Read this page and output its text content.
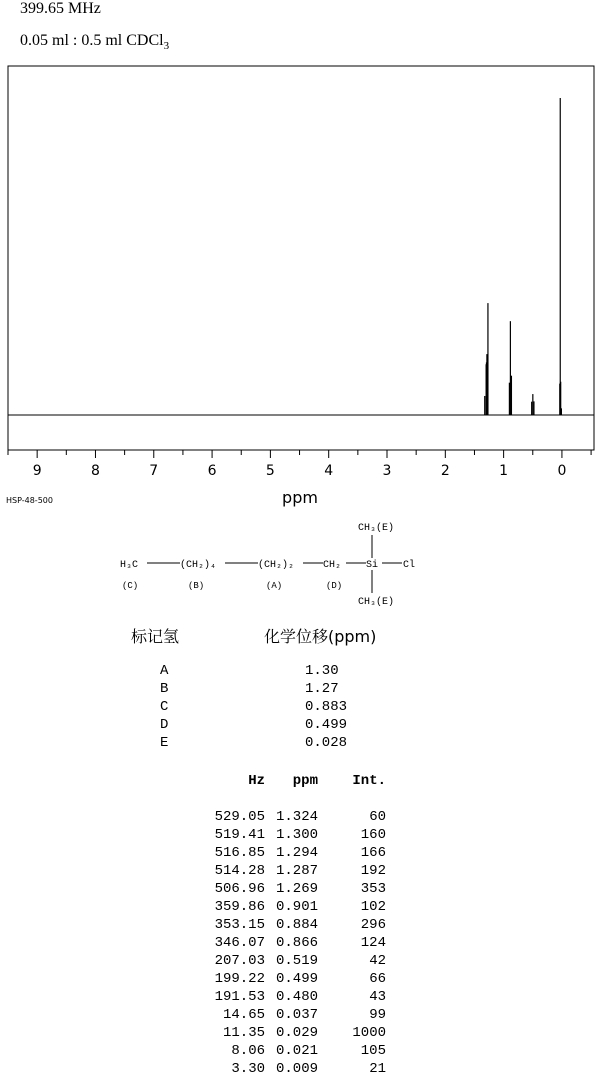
399.65 MHz
0.05 ml : 0.5 ml CDCl$_3$
9	8	7	6	5	4	3	2	1	0
HSP-48-500	ppm
CH₃(E)
H₃C	(CH₂)₄	(CH₂)₂	CH₂ Si Cl
CH₃(E)
(C)	(B)	(A)	(D)
标记氢	化学位移(ppm)
A	1.30
B	1.27
C	0.883
D	0.499
E	0.028
Hz	ppm	Int.
529.05 1.324	60
519.41 1.300	160
516.85 1.294	166
514.28 1.287	192
506.96 1.269	353
359.86 0.901	102
353.15 0.884	296
346.07 0.866	124
207.03 0.519	42
199.22 0.499	66
191.53 0.480	43
14.65 0.037	99
11.35 0.029	1000
8.06 0.021	105
3.30 0.009	21
